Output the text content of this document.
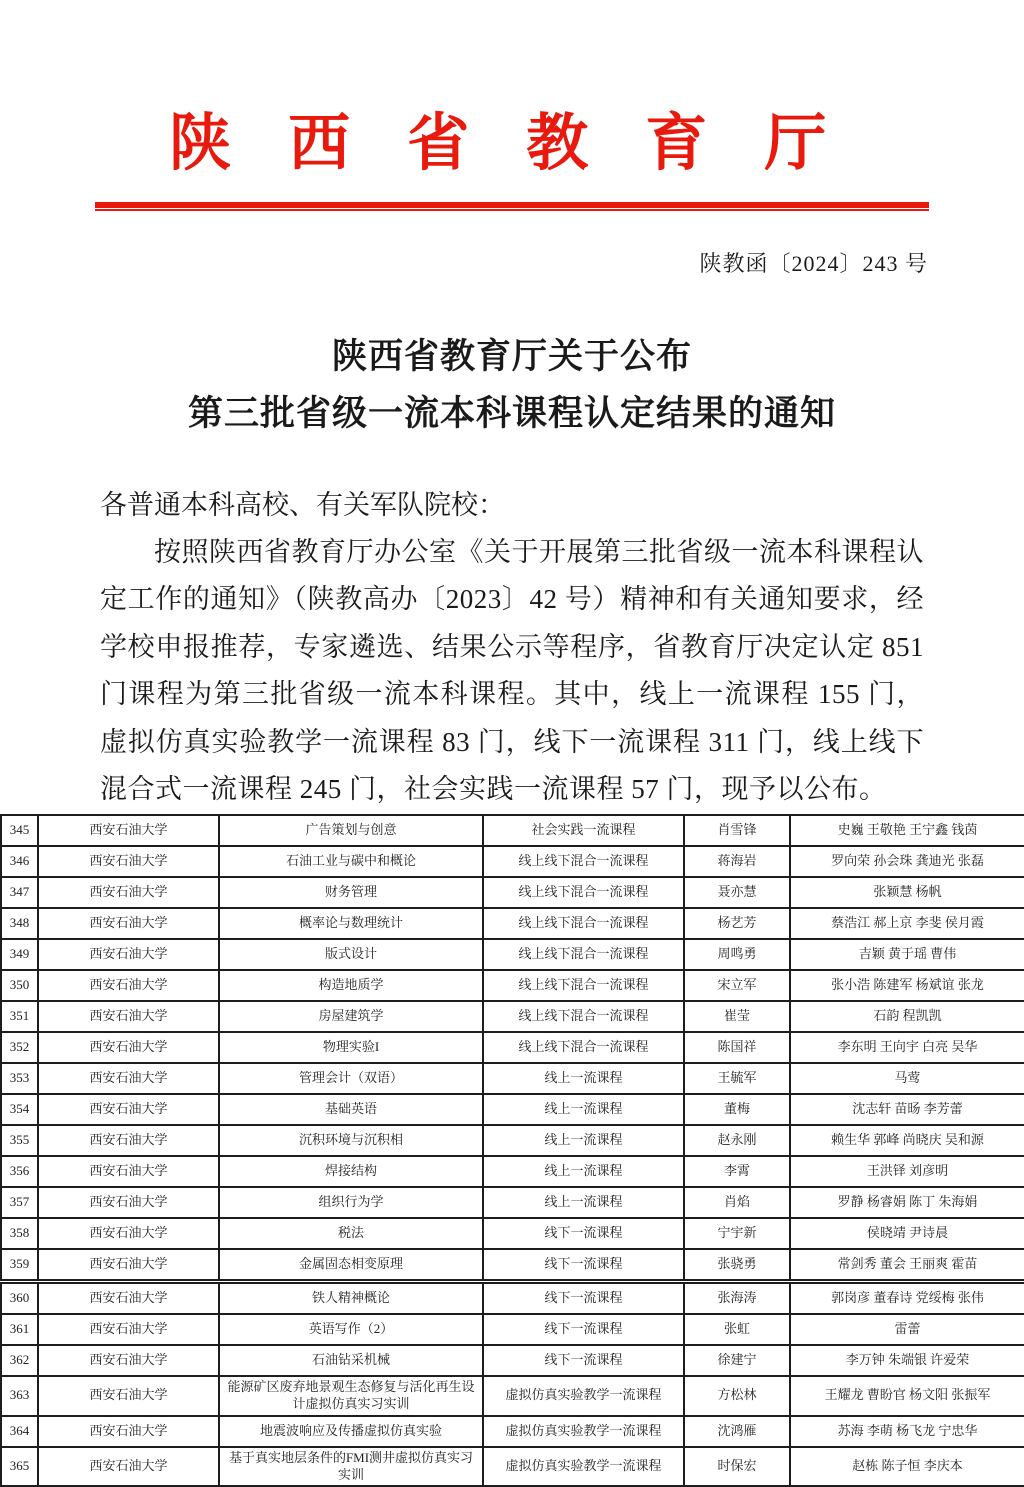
陕西省教育厅
陕教函〔2024〕243 号
陕西省教育厅关于公布
第三批省级一流本科课程认定结果的通知
各普通本科高校、有关军队院校：

按照陕西省教育厅办公室《关于开展第三批省级一流本科课程认定工作的通知》（陕教高办〔2023〕42 号）精神和有关通知要求，经学校申报推荐，专家遴选、结果公示等程序，省教育厅决定认定 851 门课程为第三批省级一流本科课程。其中，线上一流课程 155 门，虚拟仿真实验教学一流课程 83 门，线下一流课程 311 门，线上线下混合式一流课程 245 门，社会实践一流课程 57 门，现予以公布。

345	西安石油大学	广告策划与创意	社会实践一流课程	肖雪锋	史巍 王敬艳 王宁鑫 钱茵
346	西安石油大学	石油工业与碳中和概论	线上线下混合一流课程	蒋海岩	罗向荣 孙会珠 龚迪光 张磊
347	西安石油大学	财务管理	线上线下混合一流课程	聂亦慧	张颖慧 杨帆
348	西安石油大学	概率论与数理统计	线上线下混合一流课程	杨艺芳	蔡浩江 郝上京 李斐 侯月霞
349	西安石油大学	版式设计	线上线下混合一流课程	周鸣勇	吉颖 黄于瑶 曹伟
350	西安石油大学	构造地质学	线上线下混合一流课程	宋立军	张小浩 陈建军 杨斌谊 张龙
351	西安石油大学	房屋建筑学	线上线下混合一流课程	崔莹	石韵 程凯凯
352	西安石油大学	物理实验I	线上线下混合一流课程	陈国祥	李东明 王向宇 白亮 吴华
353	西安石油大学	管理会计（双语）	线上一流课程	王毓军	马莺
354	西安石油大学	基础英语	线上一流课程	董梅	沈志轩 苗旸 李芳蕾
355	西安石油大学	沉积环境与沉积相	线上一流课程	赵永刚	赖生华 郭峰 尚晓庆 吴和源
356	西安石油大学	焊接结构	线上一流课程	李霄	王洪铎 刘彦明
357	西安石油大学	组织行为学	线上一流课程	肖焰	罗静 杨睿娟 陈丁 朱海娟
358	西安石油大学	税法	线下一流课程	宁宇新	侯晓靖 尹诗晨
359	西安石油大学	金属固态相变原理	线下一流课程	张骁勇	常剑秀 董会 王丽爽 霍苗
360	西安石油大学	铁人精神概论	线下一流课程	张海涛	郭岗彦 董春诗 党绥梅 张伟
361	西安石油大学	英语写作（2）	线下一流课程	张虹	雷蕾
362	西安石油大学	石油钻采机械	线下一流课程	徐建宁	李万钟 朱端银 许爱荣
363	西安石油大学	能源矿区废弃地景观生态修复与活化再生设计虚拟仿真实习实训	虚拟仿真实验教学一流课程	方松林	王耀龙 曹盼官 杨文阳 张振军
364	西安石油大学	地震波响应及传播虚拟仿真实验	虚拟仿真实验教学一流课程	沈鸿雁	苏海 李萌 杨飞龙 宁忠华
365	西安石油大学	基于真实地层条件的FMI测井虚拟仿真实习实训	虚拟仿真实验教学一流课程	时保宏	赵栋 陈子恒 李庆本
